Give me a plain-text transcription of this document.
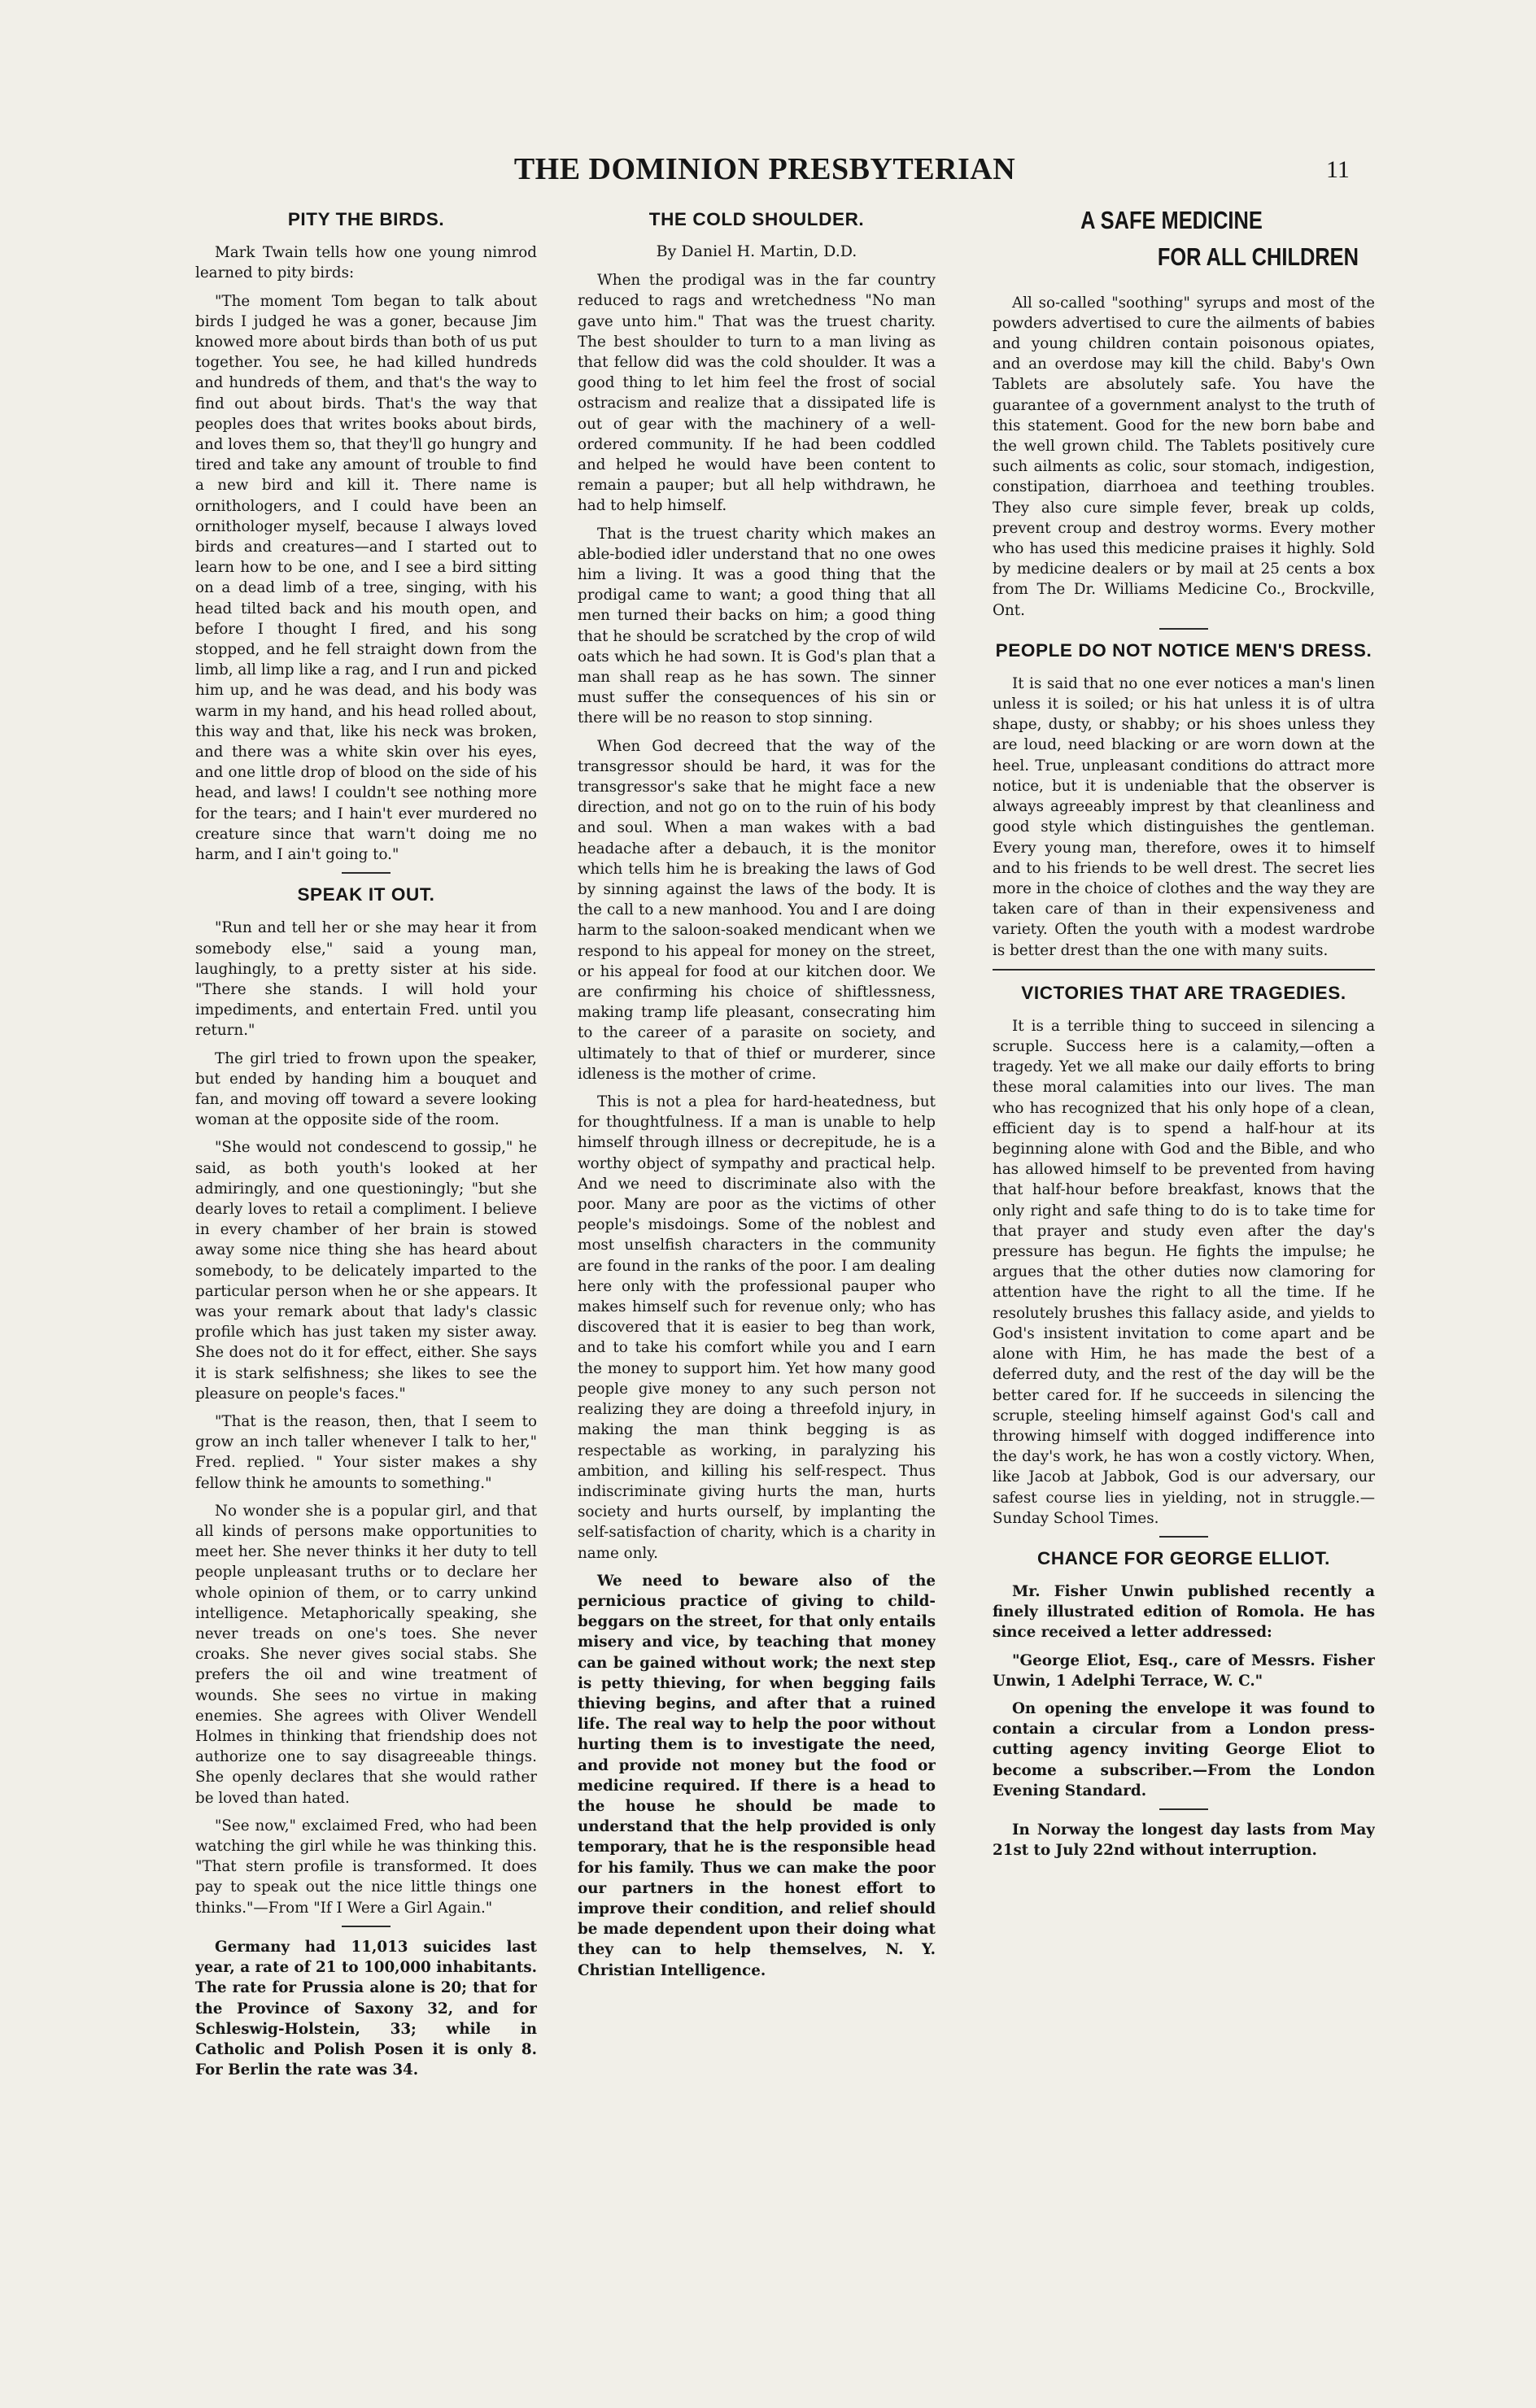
THE DOMINION PRESBYTERIAN	11
PITY THE BIRDS.

Mark Twain tells how one young nimrod learned to pity birds:

"The moment Tom began to talk about birds I judged he was a goner, because Jim knowed more about birds than both of us put together. You see, he had killed hundreds and hundreds of them, and that's the way to find out about birds. That's the way that peoples does that writes books about birds, and loves them so, that they'll go hungry and tired and take any amount of trouble to find a new bird and kill it. There name is ornithologers, and I could have been an ornithologer myself, because I always loved birds and creatures—and I started out to learn how to be one, and I see a bird sitting on a dead limb of a tree, singing, with his head tilted back and his mouth open, and before I thought I fired, and his song stopped, and he fell straight down from the limb, all limp like a rag, and I run and picked him up, and he was dead, and his body was warm in my hand, and his head rolled about, this way and that, like his neck was broken, and there was a white skin over his eyes, and one little drop of blood on the side of his head, and laws! I couldn't see nothing more for the tears; and I hain't ever murdered no creature since that warn't doing me no harm, and I ain't going to."

SPEAK IT OUT.

"Run and tell her or she may hear it from somebody else," said a young man, laughingly, to a pretty sister at his side. "There she stands. I will hold your impediments, and entertain Fred. until you return."

The girl tried to frown upon the speaker, but ended by handing him a bouquet and fan, and moving off toward a severe looking woman at the opposite side of the room.

"She would not condescend to gossip," he said, as both youth's looked at her admiringly, and one questioningly; "but she dearly loves to retail a compliment. I believe in every chamber of her brain is stowed away some nice thing she has heard about somebody, to be delicately imparted to the particular person when he or she appears. It was your remark about that lady's classic profile which has just taken my sister away. She does not do it for effect, either. She says it is stark selfishness; she likes to see the pleasure on people's faces."

"That is the reason, then, that I seem to grow an inch taller whenever I talk to her," Fred. replied. " Your sister makes a shy fellow think he amounts to something."

No wonder she is a popular girl, and that all kinds of persons make opportunities to meet her. She never thinks it her duty to tell people unpleasant truths or to declare her whole opinion of them, or to carry unkind intelligence. Metaphorically speaking, she never treads on one's toes. She never croaks. She never gives social stabs. She prefers the oil and wine treatment of wounds. She sees no virtue in making enemies. She agrees with Oliver Wendell Holmes in thinking that friendship does not authorize one to say disagreeable things. She openly declares that she would rather be loved than hated.

"See now," exclaimed Fred, who had been watching the girl while he was thinking this. "That stern profile is transformed. It does pay to speak out the nice little things one thinks."—From "If I Were a Girl Again."

Germany had 11,013 suicides last year, a rate of 21 to 100,000 inhabitants. The rate for Prussia alone is 20; that for the Province of Saxony 32, and for Schleswig-Holstein, 33; while in Catholic and Polish Posen it is only 8. For Berlin the rate was 34.

THE COLD SHOULDER.
By Daniel H. Martin, D.D.

When the prodigal was in the far country reduced to rags and wretchedness "No man gave unto him." That was the truest charity. The best shoulder to turn to a man living as that fellow did was the cold shoulder. It was a good thing to let him feel the frost of social ostracism and realize that a dissipated life is out of gear with the machinery of a well-ordered community. If he had been coddled and helped he would have been content to remain a pauper; but all help withdrawn, he had to help himself.

That is the truest charity which makes an able-bodied idler understand that no one owes him a living. It was a good thing that the prodigal came to want; a good thing that all men turned their backs on him; a good thing that he should be scratched by the crop of wild oats which he had sown. It is God's plan that a man shall reap as he has sown. The sinner must suffer the consequences of his sin or there will be no reason to stop sinning.

When God decreed that the way of the transgressor should be hard, it was for the transgressor's sake that he might face a new direction, and not go on to the ruin of his body and soul. When a man wakes with a bad headache after a debauch, it is the monitor which tells him he is breaking the laws of God by sinning against the laws of the body. It is the call to a new manhood. You and I are doing harm to the saloon-soaked mendicant when we respond to his appeal for money on the street, or his appeal for food at our kitchen door. We are confirming his choice of shiftlessness, making tramp life pleasant, consecrating him to the career of a parasite on society, and ultimately to that of thief or murderer, since idleness is the mother of crime.

This is not a plea for hard-heatedness, but for thoughtfulness. If a man is unable to help himself through illness or decrepitude, he is a worthy object of sympathy and practical help. And we need to discriminate also with the poor. Many are poor as the victims of other people's misdoings. Some of the noblest and most unselfish characters in the community are found in the ranks of the poor. I am dealing here only with the professional pauper who makes himself such for revenue only; who has discovered that it is easier to beg than work, and to take his comfort while you and I earn the money to support him. Yet how many good people give money to any such person not realizing they are doing a threefold injury, in making the man think begging is as respectable as working, in paralyzing his ambition, and killing his self-respect. Thus indiscriminate giving hurts the man, hurts society and hurts ourself, by implanting the self-satisfaction of charity, which is a charity in name only.

We need to beware also of the pernicious practice of giving to child-beggars on the street, for that only entails misery and vice, by teaching that money can be gained without work; the next step is petty thieving, for when begging fails thieving begins, and after that a ruined life. The real way to help the poor without hurting them is to investigate the need, and provide not money but the food or medicine required. If there is a head to the house he should be made to understand that the help provided is only temporary, that he is the responsible head for his family. Thus we can make the poor our partners in the honest effort to improve their condition, and relief should be made dependent upon their doing what they can to help themselves, N. Y. Christian Intelligence.

A SAFE MEDICINE
FOR ALL CHILDREN

All so-called "soothing" syrups and most of the powders advertised to cure the ailments of babies and young children contain poisonous opiates, and an overdose may kill the child. Baby's Own Tablets are absolutely safe. You have the guarantee of a government analyst to the truth of this statement. Good for the new born babe and the well grown child. The Tablets positively cure such ailments as colic, sour stomach, indigestion, constipation, diarrhoea and teething troubles. They also cure simple fever, break up colds, prevent croup and destroy worms. Every mother who has used this medicine praises it highly. Sold by medicine dealers or by mail at 25 cents a box from The Dr. Williams Medicine Co., Brockville, Ont.

PEOPLE DO NOT NOTICE MEN'S DRESS.

It is said that no one ever notices a man's linen unless it is soiled; or his hat unless it is of ultra shape, dusty, or shabby; or his shoes unless they are loud, need blacking or are worn down at the heel. True, unpleasant conditions do attract more notice, but it is undeniable that the observer is always agreeably imprest by that cleanliness and good style which distinguishes the gentleman. Every young man, therefore, owes it to himself and to his friends to be well drest. The secret lies more in the choice of clothes and the way they are taken care of than in their expensiveness and variety. Often the youth with a modest wardrobe is better drest than the one with many suits.

VICTORIES THAT ARE TRAGEDIES.

It is a terrible thing to succeed in silencing a scruple. Success here is a calamity,—often a tragedy. Yet we all make our daily efforts to bring these moral calamities into our lives. The man who has recognized that his only hope of a clean, efficient day is to spend a half-hour at its beginning alone with God and the Bible, and who has allowed himself to be prevented from having that half-hour before breakfast, knows that the only right and safe thing to do is to take time for that prayer and study even after the day's pressure has begun. He fights the impulse; he argues that the other duties now clamoring for attention have the right to all the time. If he resolutely brushes this fallacy aside, and yields to God's insistent invitation to come apart and be alone with Him, he has made the best of a deferred duty, and the rest of the day will be the better cared for. If he succeeds in silencing the scruple, steeling himself against God's call and throwing himself with dogged indifference into the day's work, he has won a costly victory. When, like Jacob at Jabbok, God is our adversary, our safest course lies in yielding, not in struggle.—Sunday School Times.

CHANCE FOR GEORGE ELLIOT.

Mr. Fisher Unwin published recently a finely illustrated edition of Romola. He has since received a letter addressed:

"George Eliot, Esq., care of Messrs. Fisher Unwin, 1 Adelphi Terrace, W. C."

On opening the envelope it was found to contain a circular from a London press-cutting agency inviting George Eliot to become a subscriber.—From the London Evening Standard.

In Norway the longest day lasts from May 21st to July 22nd without interruption.
